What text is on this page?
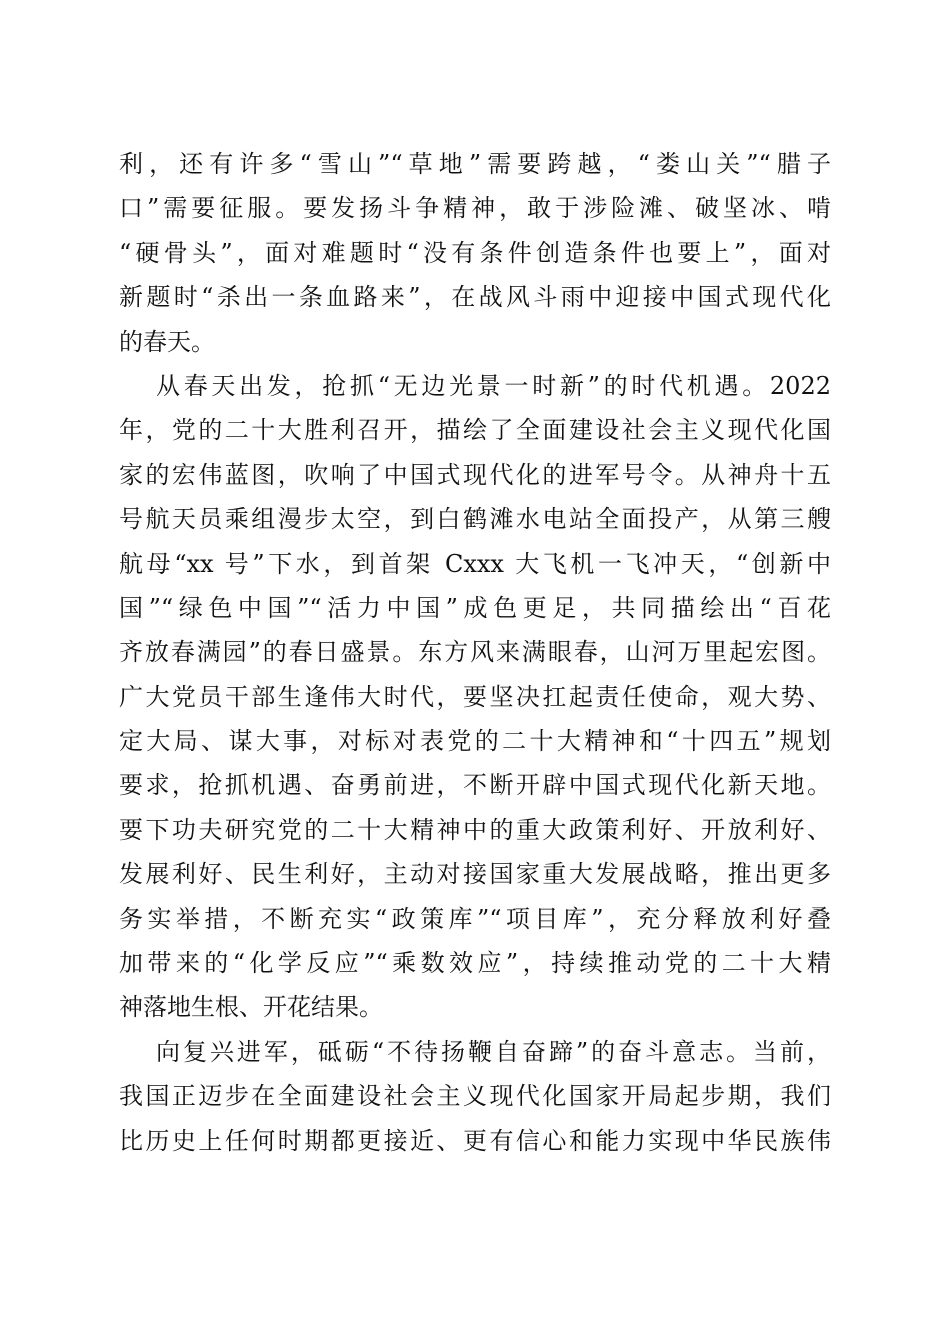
利，还有许多“雪山”“草地”需要跨越，“娄山关”“腊子
口”需要征服。要发扬斗争精神，敢于涉险滩、破坚冰、啃
“硬骨头”，面对难题时“没有条件创造条件也要上”，面对
新题时“杀出一条血路来”，在战风斗雨中迎接中国式现代化
的春天。
从春天出发，抢抓“无边光景一时新”的时代机遇。2022
年，党的二十大胜利召开，描绘了全面建设社会主义现代化国
家的宏伟蓝图，吹响了中国式现代化的进军号令。从神舟十五
号航天员乘组漫步太空，到白鹤滩水电站全面投产，从第三艘
航母“xx 号”下水，到首架 Cxxx 大飞机一飞冲天，“创新中
国”“绿色中国”“活力中国”成色更足，共同描绘出“百花
齐放春满园”的春日盛景。东方风来满眼春，山河万里起宏图。
广大党员干部生逢伟大时代，要坚决扛起责任使命，观大势、
定大局、谋大事，对标对表党的二十大精神和“十四五”规划
要求，抢抓机遇、奋勇前进，不断开辟中国式现代化新天地。
要下功夫研究党的二十大精神中的重大政策利好、开放利好、
发展利好、民生利好，主动对接国家重大发展战略，推出更多
务实举措，不断充实“政策库”“项目库”，充分释放利好叠
加带来的“化学反应”“乘数效应”，持续推动党的二十大精
神落地生根、开花结果。
向复兴进军，砥砺“不待扬鞭自奋蹄”的奋斗意志。当前，
我国正迈步在全面建设社会主义现代化国家开局起步期，我们
比历史上任何时期都更接近、更有信心和能力实现中华民族伟
